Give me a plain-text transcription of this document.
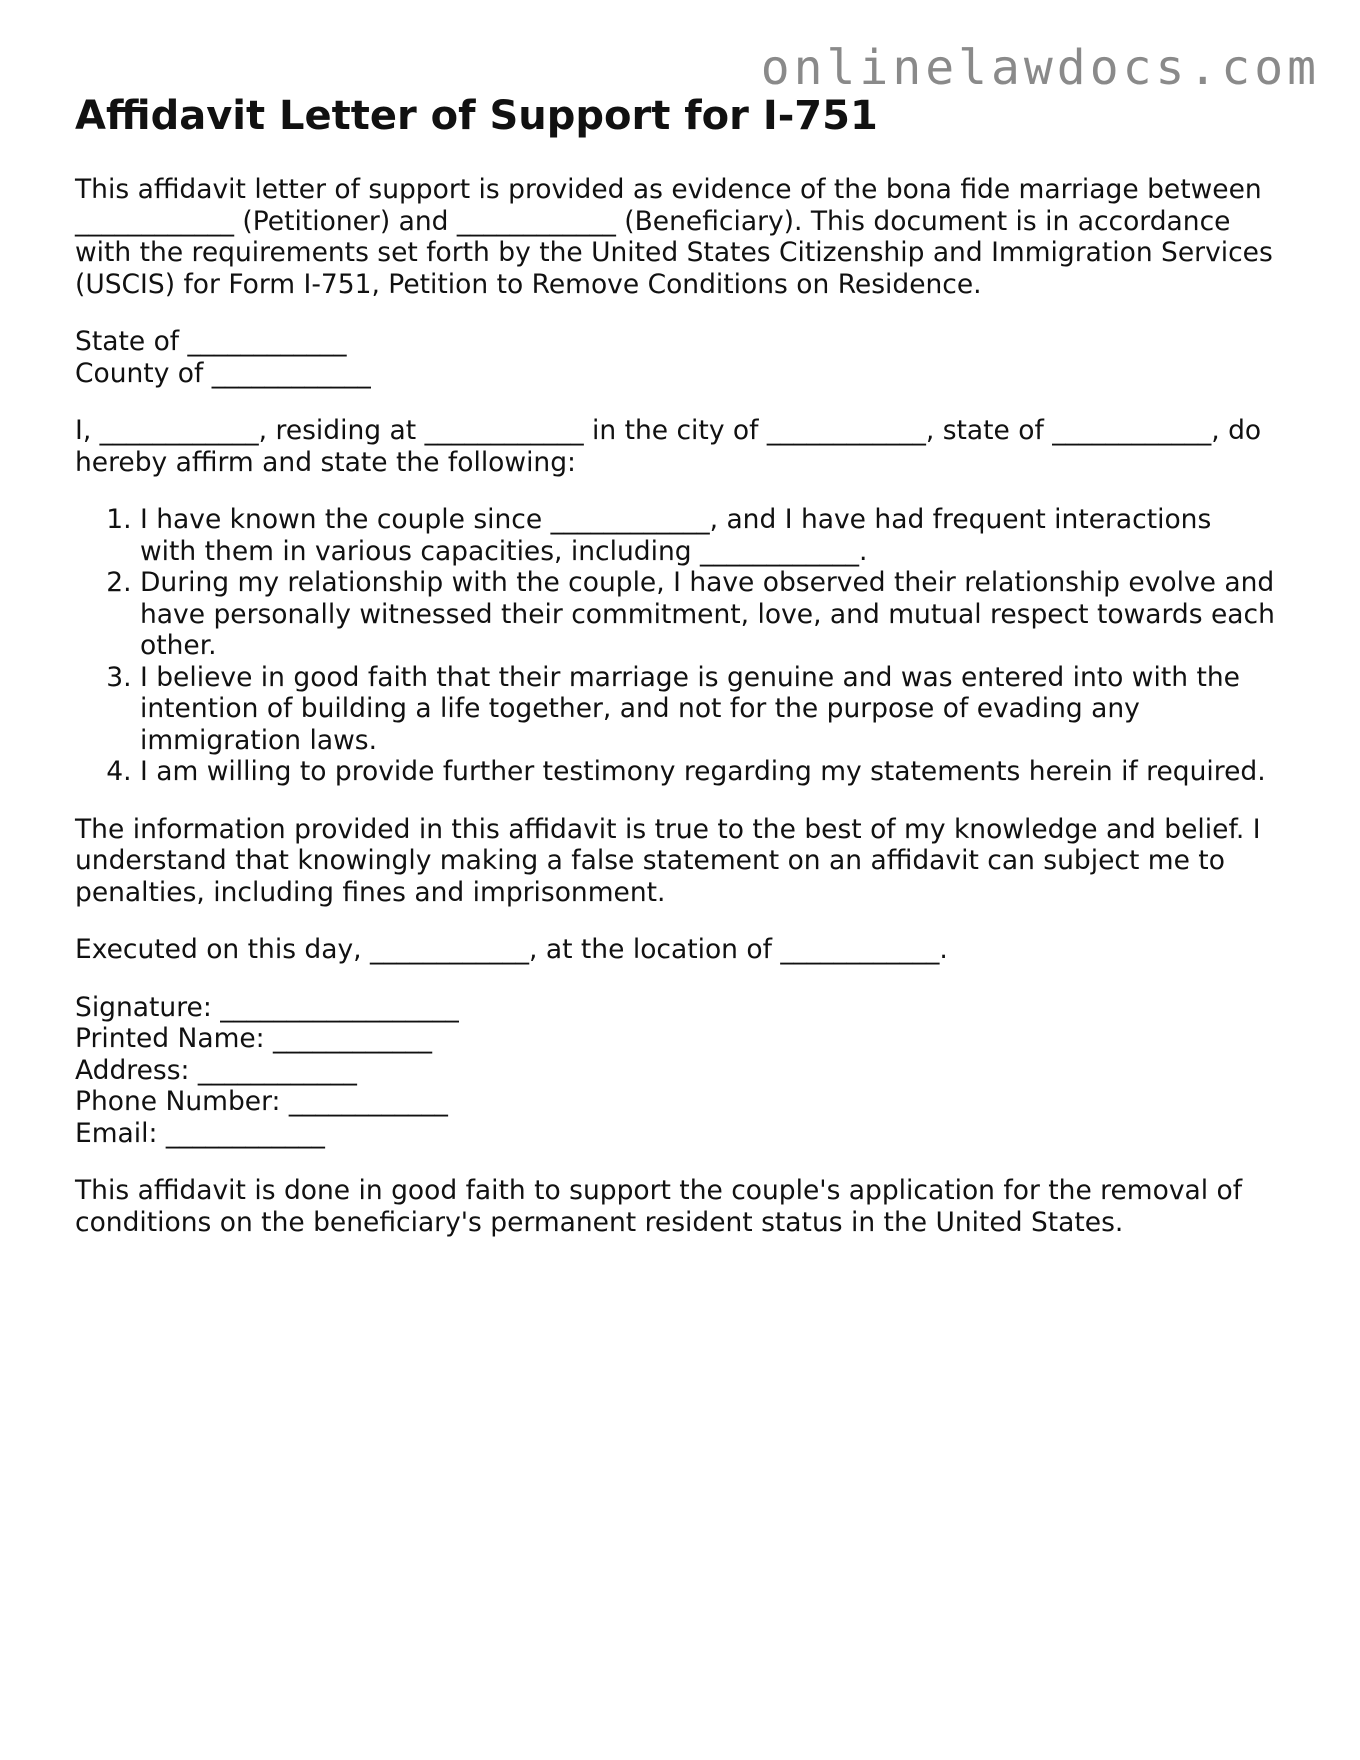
onlinelawdocs.com
Affidavit Letter of Support for I-751

This affidavit letter of support is provided as evidence of the bona fide marriage between ____________ (Petitioner) and ____________ (Beneficiary). This document is in accordance with the requirements set forth by the United States Citizenship and Immigration Services (USCIS) for Form I-751, Petition to Remove Conditions on Residence.

State of ____________
County of ____________

I, ____________, residing at ____________ in the city of ____________, state of ____________, do hereby affirm and state the following:

1. I have known the couple since ____________, and I have had frequent interactions with them in various capacities, including ____________.
2. During my relationship with the couple, I have observed their relationship evolve and have personally witnessed their commitment, love, and mutual respect towards each other.
3. I believe in good faith that their marriage is genuine and was entered into with the intention of building a life together, and not for the purpose of evading any immigration laws.
4. I am willing to provide further testimony regarding my statements herein if required.

The information provided in this affidavit is true to the best of my knowledge and belief. I understand that knowingly making a false statement on an affidavit can subject me to penalties, including fines and imprisonment.

Executed on this day, ____________, at the location of ____________.

Signature: __________________
Printed Name: ____________
Address: ____________
Phone Number: ____________
Email: ____________

This affidavit is done in good faith to support the couple's application for the removal of conditions on the beneficiary's permanent resident status in the United States.
